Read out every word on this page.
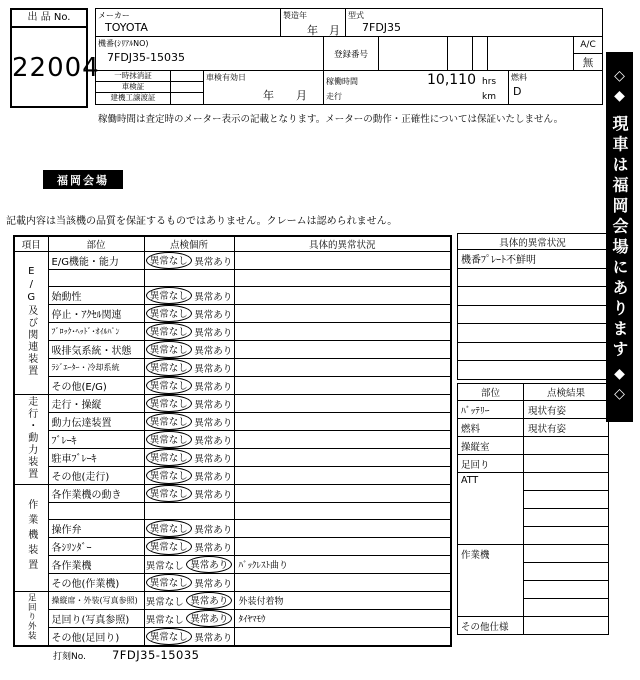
出 品 No.
22004
メーカー
TOYOTA
製造年
年　月
型式
7FDJ35
機番(ｼﾘｱﾙNO)
7FDJ35-15035	登録番号
A/C
無
一時抹消証
車検証
建機工譲渡証
車検有効日
年　　月
稼働時間	10,110 hrs
走行	km
燃料
D
稼働時間は査定時のメーター表示の記載となります。メーターの動作・正確性については保証いたしません。
福岡会場
◇◆
現車は福岡会場にあります
◆◇
記載内容は当該機の品質を保証するものではありません。クレームは認められません。
項目	部位	点検個所	具体的異常状況
E/G及び関連装置	E/G機能・能力	異常なし 異常あり	

	始動性	異常なし 異常あり	

	停止・ｱｸｾﾙ関連	異常なし 異常あり	

	ﾌﾞﾛｯｸ･ﾍｯﾄﾞ･ｵｲﾙﾊﾟﾝ	異常なし 異常あり	

	吸排気系統・状態	異常なし 異常あり	

	ﾗｼﾞｴｰﾀｰ・冷却系統	異常なし 異常あり	

	その他(E/G)	異常なし 異常あり	

走行・動力装置	走行・操縦	異常なし 異常あり	

	動力伝達装置	異常なし 異常あり	

	ﾌﾞﾚｰｷ	異常なし 異常あり	

	駐車ﾌﾞﾚｰｷ	異常なし 異常あり	

	その他(走行)	異常なし 異常あり	

作業機装置	各作業機の動き	異常なし 異常あり	

	操作弁	異常なし 異常あり	

	各ｼﾘﾝﾀﾞｰ	異常なし 異常あり	

	各作業機	異常なし 異常あり	ﾊﾞｯｸﾚｽﾄ曲り
	その他(作業機)	異常なし 異常あり	

足回り外装	操縦席・外装(写真参照)	異常なし 異常あり	外装付着物
	足回り(写真参照)	異常なし 異常あり	ﾀｲﾔﾏﾓｳ
	その他(足回り)	異常なし 異常あり	

具体的異常状況
機番ﾌﾟﾚｰﾄ不鮮明

部位	点検結果
ﾊﾞｯﾃﾘｰ	現状有姿
燃料	現状有姿
操縦室	
足回り	
ATT	

作業機	

その他仕様	
打刻No. 7FDJ35-15035
